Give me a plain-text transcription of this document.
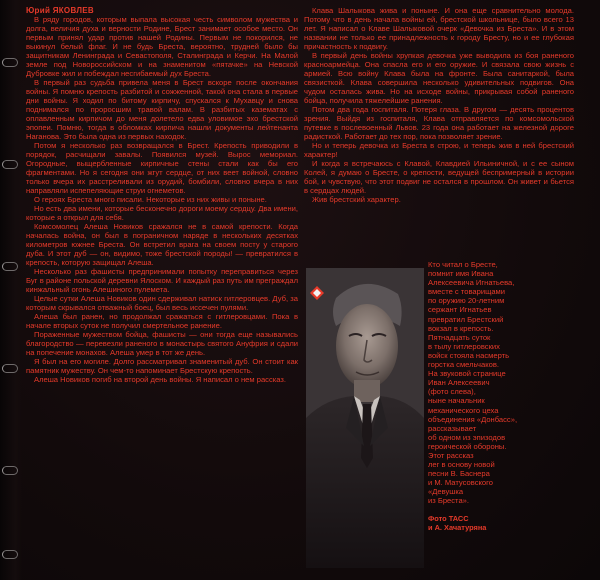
Юрий ЯКОВЛЕВ

В ряду городов, которым выпала высокая честь символом мужества и долга, величия духа и верности Родине, Брест занимает особое место. Он первым принял удар против нашей Родины. Первым не покорился, не выкинул белый флаг. И не будь Бреста, вероятно, трудней было бы защитникам Ленинграда и Севастополя, Сталинграда и Керчи. На Малой земле под Новороссийском и на знаменитом «пятачке» на Невской Дубровке жил и побеждал несгибаемый дух Бреста.

В первый раз судьба привела меня в Брест вскоре после окончания войны. Я помню крепость разбитой и сожженной, такой она стала в первые дни войны. Я ходил по битому кирпичу, спускался к Мухавцу и снова поднимался по проросшим травой валам. В разбитых казематах с оплавленным кирпичом до меня долетело едва уловимое эхо брестской эпопеи. Помню, тогда в обломках кирпича нашли документы лейтенанта Наганова. Это была одна из первых находок.

Потом я несколько раз возвращался в Брест. Крепость приводили в порядок, расчищали завалы. Появился музей. Вырос мемориал. Огородные, выщербленные кирпичные стены стали как бы его фрагментами. Но я сегодня они жгут сердце, от них веет войной, словно только вчера их расстреливали из орудий, бомбили, словно вчера в них направляли испепеляющие струи огнеметов.

О героях Бреста много писали. Некоторые из них живы и поныне.

Но есть два имени, которые бесконечно дороги моему сердцу. Два имени, которые я открыл для себя.

Комсомолец Алеша Новиков сражался не в самой крепости. Когда началась война, он был в пограничном наряде в нескольких десятках километров южнее Бреста. Он встретил врага на своем посту у старого дуба. И этот дуб — он, видимо, тоже брестской породы! — превратился в крепость, которую защищал Алеша.

Несколько раз фашисты предпринимали попытку переправиться через Буг в районе польской деревни Ялоском. И каждый раз путь им преграждал кинжальный огонь Алешиного пулемета.

Целые сутки Алеша Новиков один сдерживал натиск гитлеровцев. Дуб, за которым скрывался отважный боец, был весь иссечен пулями.

Алеша был ранен, но продолжал сражаться с гитлеровцами. Пока в начале вторых суток не получил смертельное ранение.

Пораженные мужеством бойца, фашисты — они тогда еще назывались благородство — перевезли раненого в монастырь святого Ануфрия и сдали на попечение монахов. Алеша умер в тот же день.

Я был на его могиле. Долго рассматривал знаменитый дуб. Он стоит как памятник мужеству. Он чем-то напоминает Брестскую крепость.

Алеша Новиков погиб на второй день войны. Я написал о нем рассказ.

Клава Шалыкова жива и поныне. И она еще сравнительно молода. Потому что в день начала войны ей, брестской школьнице, было всего 13 лет. Я написал о Клаве Шалыковой очерк «Девочка из Бреста». И в этом названии не только ее принадлежность к городу Бресту, но и ее глубокая причастность к подвигу.

В первый день войны хрупкая девочка уже выводила из боя раненого красноармейца. Она спасла его и его оружие. И связала свою жизнь с армией. Всю войну Клава была на фронте. Была санитаркой, была связисткой. Клава совершила несколько удивительных подвигов. Она чудом осталась жива. Но на исходе войны, прикрывая собой раненого бойца, получила тяжелейшие ранения.

Потом два года госпиталя. Потеря глаза. В другом — десять процентов зрения. Выйдя из госпиталя, Клава отправляется по комсомольской путевке в послевоенный Львов. 23 года она работает на железной дороге радисткой. Работает до тех пор, пока позволяет зрение.

Но и теперь девочка из Бреста в строю, и теперь жив в ней брестский характер!

И когда я встречаюсь с Клавой, Клавдией Ильиничной, и с ее сыном Колей, я думаю о Бресте, о крепости, ведущей беспримерный в истории бой, и чувствую, что этот подвиг не остался в прошлом. Он живет и бьется в сердцах людей.

Жив брестский характер.

Кто читал о Бресте,

помнит имя Ивана

Алексеевича Игнатьева,

вместе с товарищами

по оружию 20-летним

сержант Игнатьев

превратил Брестский

вокзал в крепость.

Пятнадцать суток

в тылу гитлеровских

войск стояла насмерть

горстка смельчаков.

На звуковой странице

Иван Алексеевич

(фото слева),

ныне начальник

механического цеха

объединения «Донбасс»,

рассказывает

об одном из эпизодов

героической обороны.

Этот рассказ

лег в основу новой

песни В. Баснера

и М. Матусовского

«Девушка

из Бреста».

Фото ТАСС

и А. Хачатуряна
